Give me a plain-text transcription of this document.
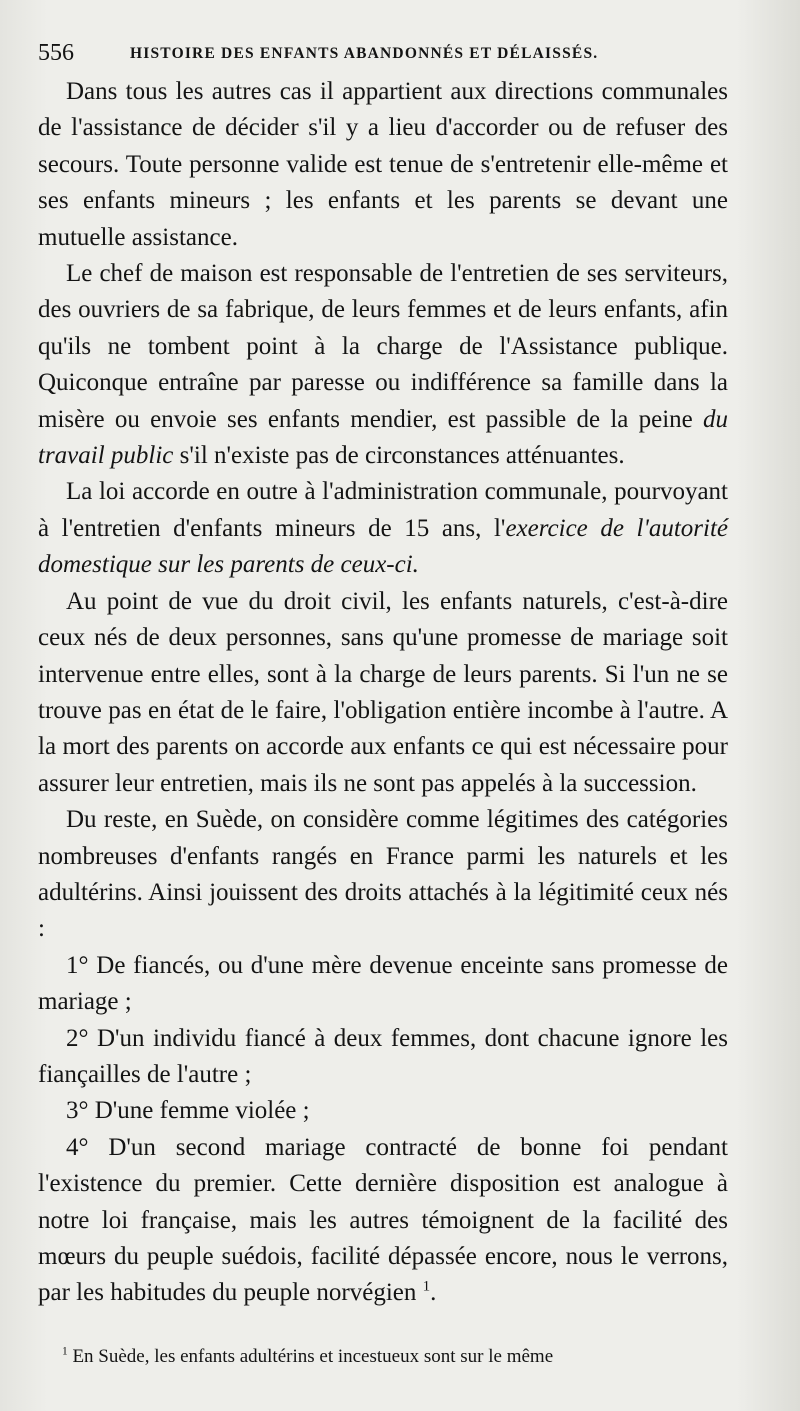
556	HISTOIRE DES ENFANTS ABANDONNÉS ET DÉLAISSÉS.

Dans tous les autres cas il appartient aux directions communales de l'assistance de décider s'il y a lieu d'accorder ou de refuser des secours. Toute personne valide est tenue de s'entretenir elle-même et ses enfants mineurs ; les enfants et les parents se devant une mutuelle assistance.

Le chef de maison est responsable de l'entretien de ses serviteurs, des ouvriers de sa fabrique, de leurs femmes et de leurs enfants, afin qu'ils ne tombent point à la charge de l'Assistance publique. Quiconque entraîne par paresse ou indifférence sa famille dans la misère ou envoie ses enfants mendier, est passible de la peine du travail public s'il n'existe pas de circonstances atténuantes.

La loi accorde en outre à l'administration communale, pourvoyant à l'entretien d'enfants mineurs de 15 ans, l'exercice de l'autorité domestique sur les parents de ceux-ci.

Au point de vue du droit civil, les enfants naturels, c'est-à-dire ceux nés de deux personnes, sans qu'une promesse de mariage soit intervenue entre elles, sont à la charge de leurs parents. Si l'un ne se trouve pas en état de le faire, l'obligation entière incombe à l'autre. A la mort des parents on accorde aux enfants ce qui est nécessaire pour assurer leur entretien, mais ils ne sont pas appelés à la succession.

Du reste, en Suède, on considère comme légitimes des catégories nombreuses d'enfants rangés en France parmi les naturels et les adultérins. Ainsi jouissent des droits attachés à la légitimité ceux nés :

1° De fiancés, ou d'une mère devenue enceinte sans promesse de mariage ;

2° D'un individu fiancé à deux femmes, dont chacune ignore les fiançailles de l'autre ;

3° D'une femme violée ;

4° D'un second mariage contracté de bonne foi pendant l'existence du premier. Cette dernière disposition est analogue à notre loi française, mais les autres témoignent de la facilité des mœurs du peuple suédois, facilité dépassée encore, nous le verrons, par les habitudes du peuple norvégien $^1$.

$^1$ En Suède, les enfants adultérins et incestueux sont sur le même
